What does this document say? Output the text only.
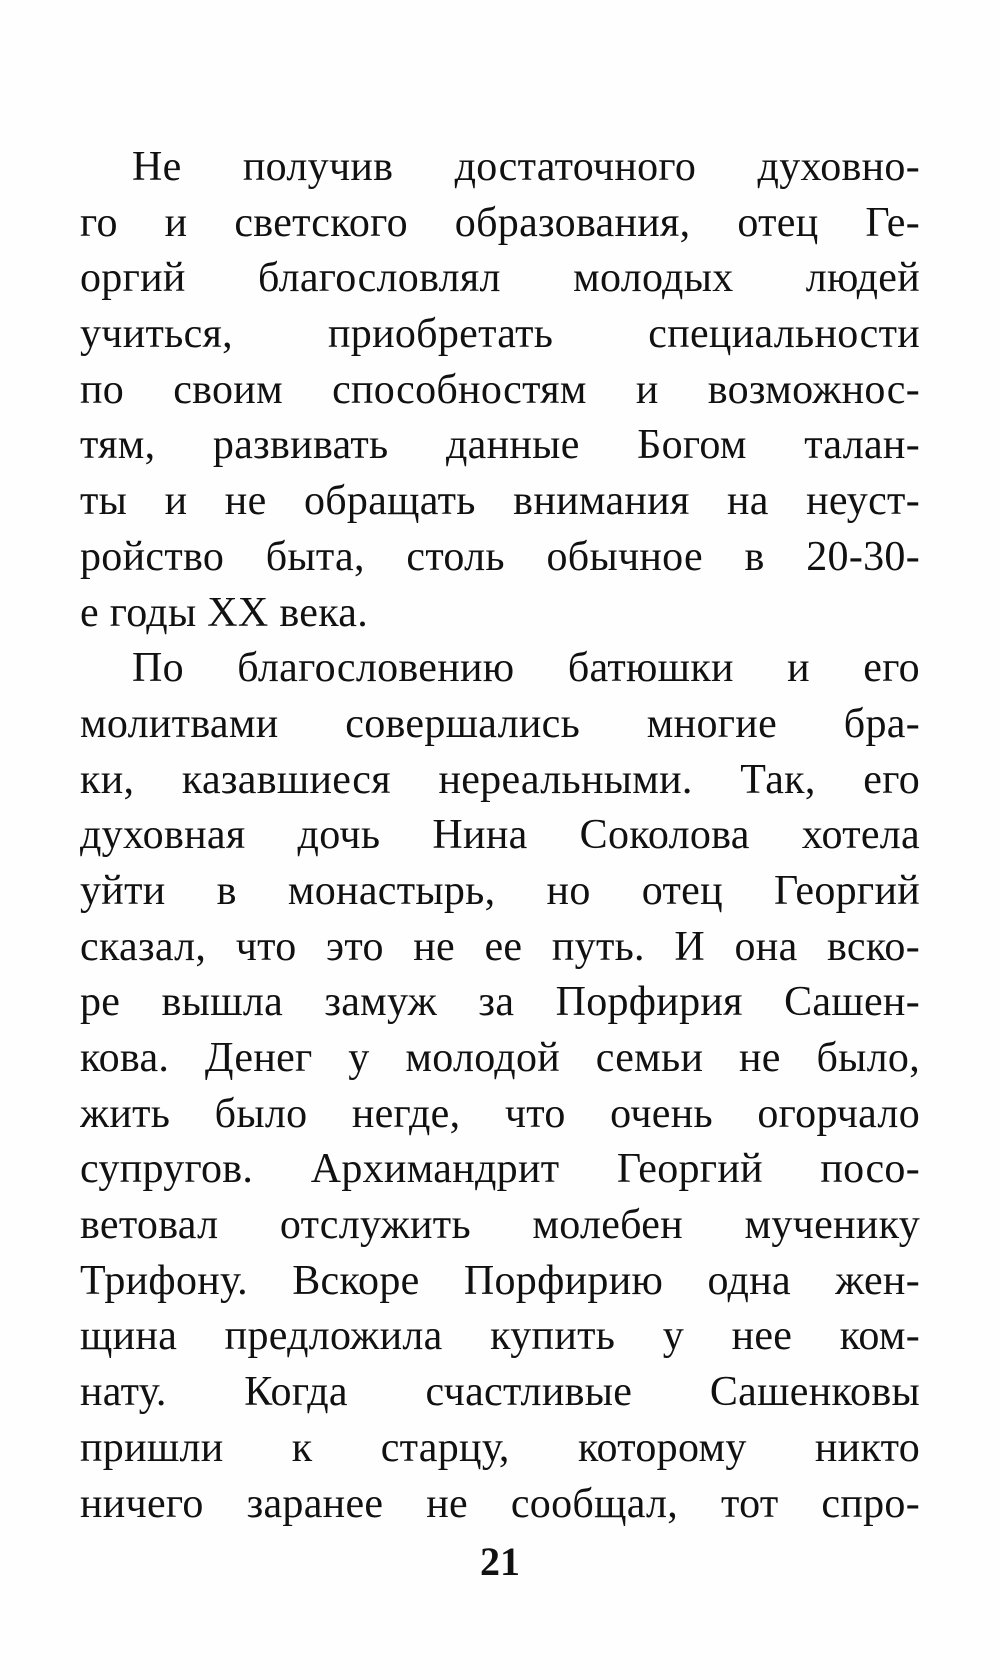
Не получив достаточного духовно-
го и светского образования, отец Ге-
оргий благословлял молодых людей
учиться, приобретать специальности
по своим способностям и возможнос-
тям, развивать данные Богом талан-
ты и не обращать внимания на неуст-
ройство быта, столь обычное в 20-30-
е годы XX века.
По благословению батюшки и его
молитвами совершались многие бра-
ки, казавшиеся нереальными. Так, его
духовная дочь Нина Соколова хотела
уйти в монастырь, но отец Георгий
сказал, что это не ее путь. И она вско-
ре вышла замуж за Порфирия Сашен-
кова. Денег у молодой семьи не было,
жить было негде, что очень огорчало
супругов. Архимандрит Георгий посо-
ветовал отслужить молебен мученику
Трифону. Вскоре Порфирию одна жен-
щина предложила купить у нее ком-
нату. Когда счастливые Сашенковы
пришли к старцу, которому никто
ничего заранее не сообщал, тот спро-
21
